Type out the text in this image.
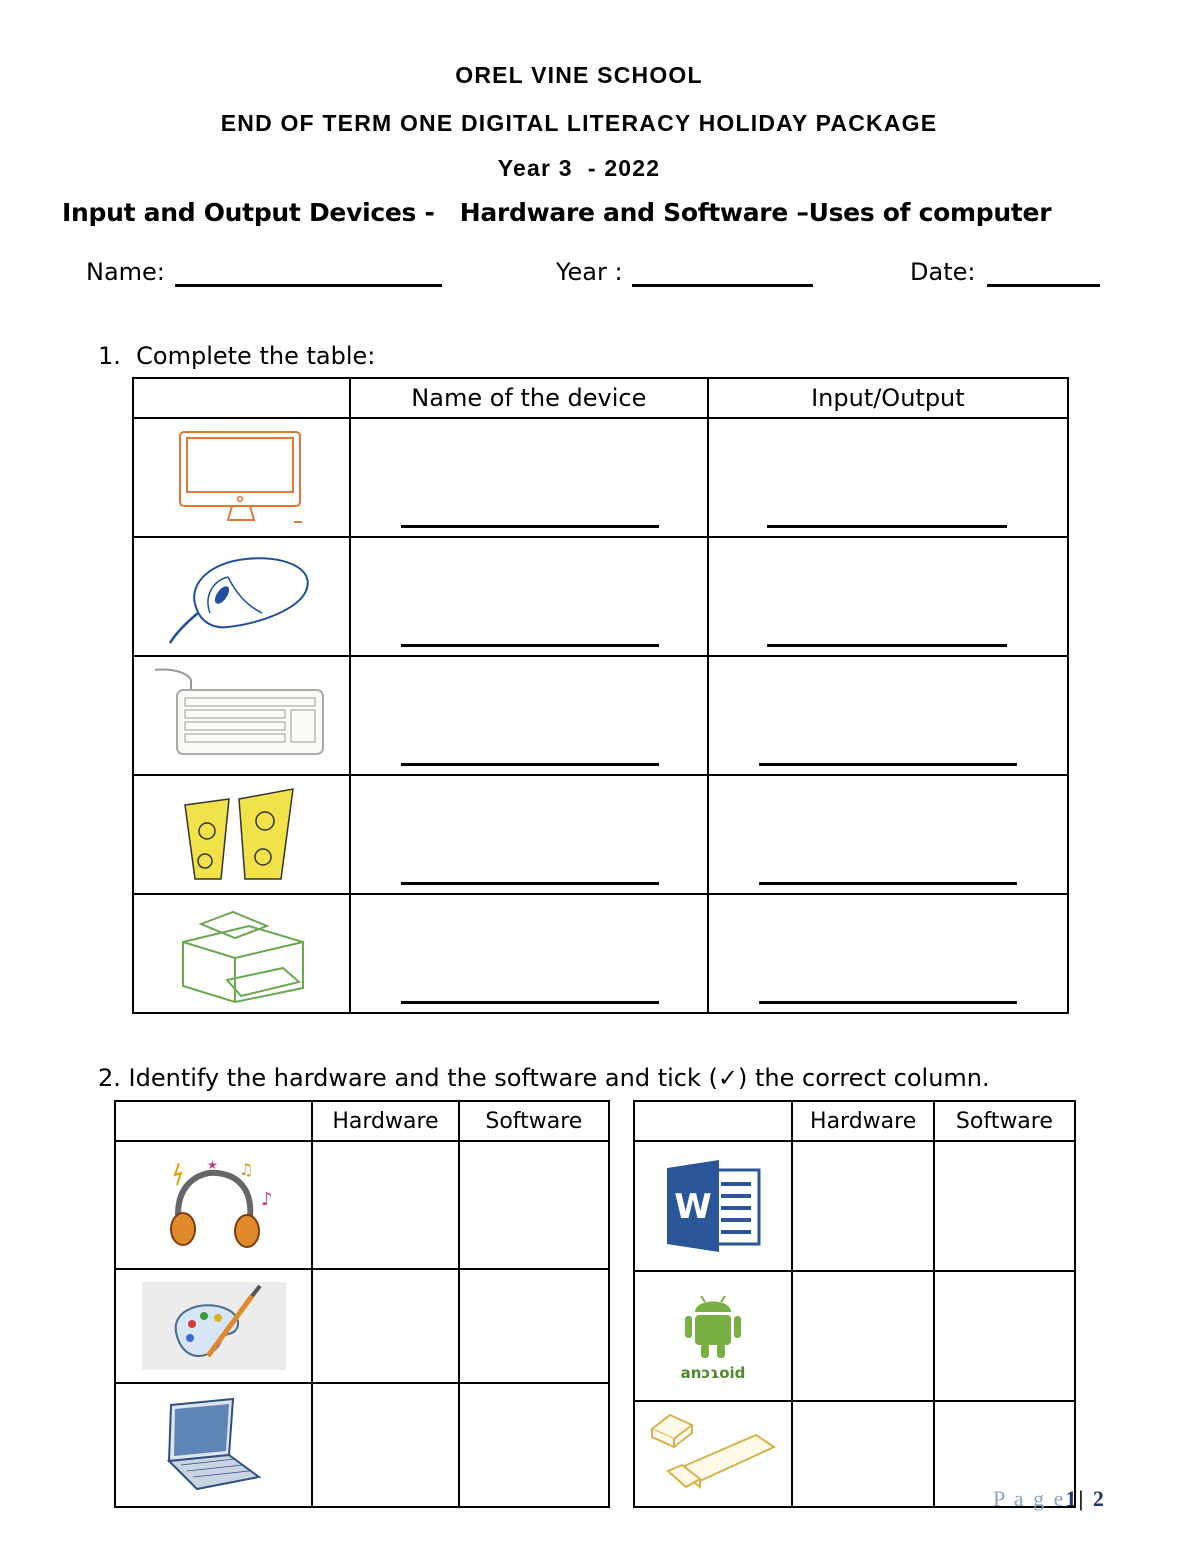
OREL VINE SCHOOL
END OF TERM ONE DIGITAL LITERACY HOLIDAY PACKAGE
Year 3  - 2022
Input and Output Devices -   Hardware and Software –Uses of computer
Name:	Year :	Date:
1.  Complete the table:
	Name of the device	Input/Output

2. Identify the hardware and the software and tick (✓) the correct column.
	Hardware	Software

★ ♫
♪		

	Hardware	Software

W		

anↄɿoid		

P a g e1| 2
